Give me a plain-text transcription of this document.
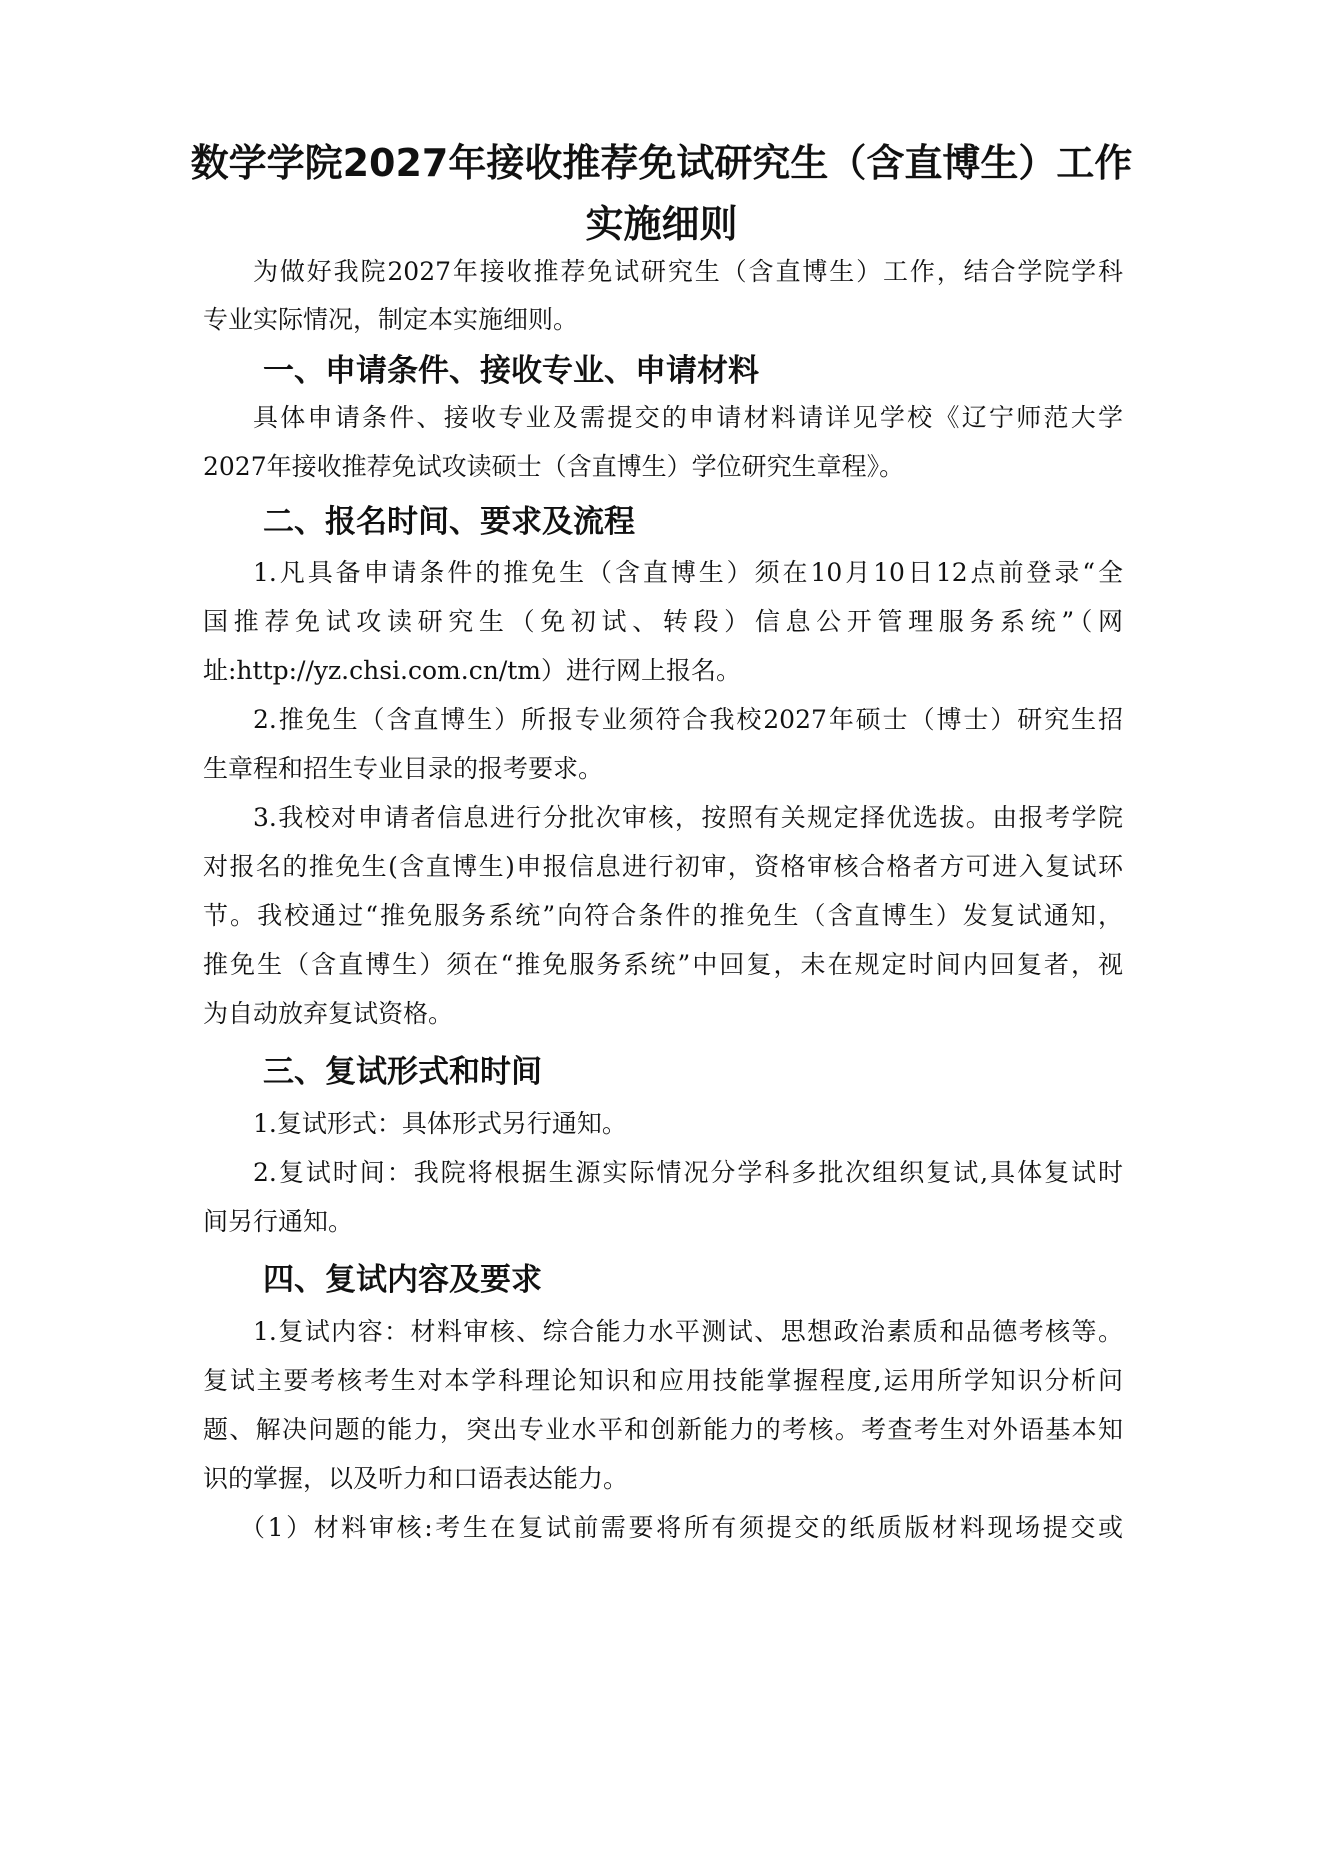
数学学院2027年接收推荐免试研究生（含直博生）工作
实施细则
为做好我院2027年接收推荐免试研究生（含直博生）工作，结合学院学科
专业实际情况，制定本实施细则。
一、申请条件、接收专业、申请材料
具体申请条件、接收专业及需提交的申请材料请详见学校《辽宁师范大学
2027年接收推荐免试攻读硕士（含直博生）学位研究生章程》。
二、报名时间、要求及流程
1.凡具备申请条件的推免生（含直博生）须在10月10日12点前登录“全
国推荐免试攻读研究生（免初试、转段）信息公开管理服务系统”（网
址:http://yz.chsi.com.cn/tm）进行网上报名。
2.推免生（含直博生）所报专业须符合我校2027年硕士（博士）研究生招
生章程和招生专业目录的报考要求。
3.我校对申请者信息进行分批次审核，按照有关规定择优选拔。由报考学院
对报名的推免生(含直博生)申报信息进行初审，资格审核合格者方可进入复试环
节。我校通过“推免服务系统”向符合条件的推免生（含直博生）发复试通知，
推免生（含直博生）须在“推免服务系统”中回复，未在规定时间内回复者，视
为自动放弃复试资格。
三、复试形式和时间
1.复试形式：具体形式另行通知。
2.复试时间：我院将根据生源实际情况分学科多批次组织复试,具体复试时
间另行通知。
四、复试内容及要求
1.复试内容：材料审核、综合能力水平测试、思想政治素质和品德考核等。
复试主要考核考生对本学科理论知识和应用技能掌握程度,运用所学知识分析问
题、解决问题的能力，突出专业水平和创新能力的考核。考查考生对外语基本知
识的掌握，以及听力和口语表达能力。
（1）材料审核:考生在复试前需要将所有须提交的纸质版材料现场提交或
